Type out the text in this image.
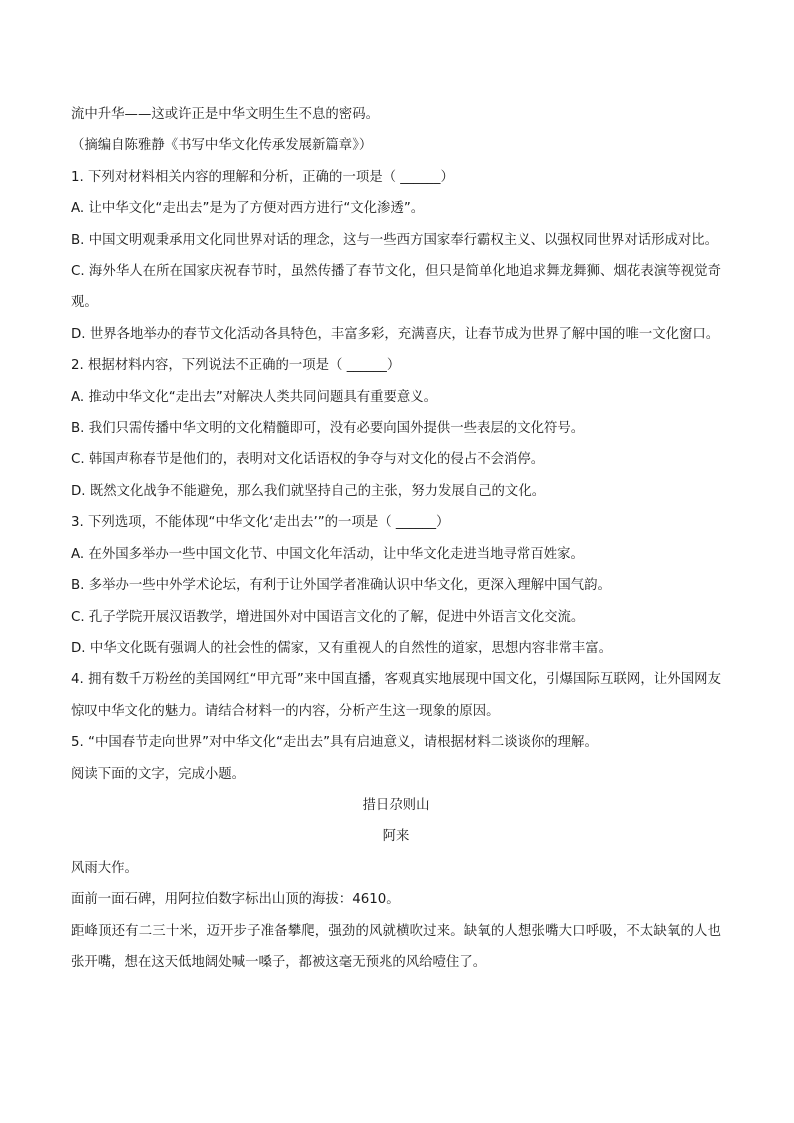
流中升华——这或许正是中华文明生生不息的密码。

（摘编自陈雅静《书写中华文化传承发展新篇章》）

1. 下列对材料相关内容的理解和分析，正确的一项是（ ______）

A. 让中华文化“走出去”是为了方便对西方进行“文化渗透”。

B. 中国文明观秉承用文化同世界对话的理念，这与一些西方国家奉行霸权主义、以强权同世界对话形成对比。

C. 海外华人在所在国家庆祝春节时，虽然传播了春节文化，但只是简单化地追求舞龙舞狮、烟花表演等视觉奇观。

D. 世界各地举办的春节文化活动各具特色，丰富多彩，充满喜庆，让春节成为世界了解中国的唯一文化窗口。

2. 根据材料内容，下列说法不正确的一项是（ ______）

A. 推动中华文化“走出去”对解决人类共同问题具有重要意义。

B. 我们只需传播中华文明的文化精髓即可，没有必要向国外提供一些表层的文化符号。

C. 韩国声称春节是他们的，表明对文化话语权的争夺与对文化的侵占不会消停。

D. 既然文化战争不能避免，那么我们就坚持自己的主张，努力发展自己的文化。

3. 下列选项，不能体现“中华文化‘走出去’”的一项是（ ______）

A. 在外国多举办一些中国文化节、中国文化年活动，让中华文化走进当地寻常百姓家。

B. 多举办一些中外学术论坛，有利于让外国学者准确认识中华文化，更深入理解中国气韵。

C. 孔子学院开展汉语教学，增进国外对中国语言文化的了解，促进中外语言文化交流。

D. 中华文化既有强调人的社会性的儒家，又有重视人的自然性的道家，思想内容非常丰富。

4. 拥有数千万粉丝的美国网红“甲亢哥”来中国直播，客观真实地展现中国文化，引爆国际互联网，让外国网友惊叹中华文化的魅力。请结合材料一的内容，分析产生这一现象的原因。

5. “中国春节走向世界”对中华文化“走出去”具有启迪意义，请根据材料二谈谈你的理解。

阅读下面的文字，完成小题。

措日尕则山

阿来

风雨大作。

面前一面石碑，用阿拉伯数字标出山顶的海拔：4610。

距峰顶还有二三十米，迈开步子准备攀爬，强劲的风就横吹过来。缺氧的人想张嘴大口呼吸，不太缺氧的人也张开嘴，想在这天低地阔处喊一嗓子，都被这毫无预兆的风给噎住了。
